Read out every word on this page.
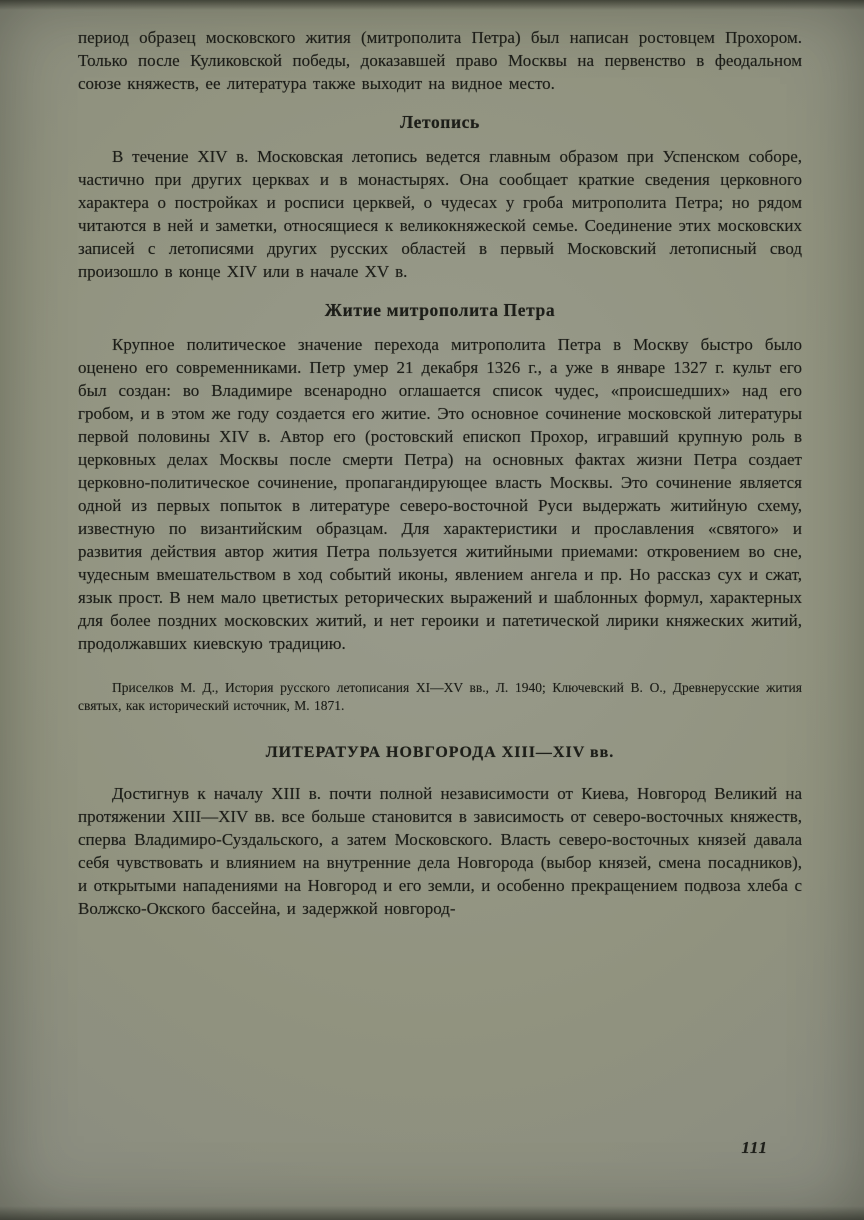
период образец московского жития (митрополита Петра) был написан ростовцем Прохором. Только после Куликовской победы, доказавшей право Москвы на первенство в феодальном союзе княжеств, ее литература также выходит на видное место.

Летопись

В течение XIV в. Московская летопись ведется главным образом при Успенском соборе, частично при других церквах и в монастырях. Она сообщает краткие сведения церковного характера о постройках и росписи церквей, о чудесах у гроба митрополита Петра; но рядом читаются в ней и заметки, относящиеся к великокняжеской семье. Соединение этих московских записей с летописями других русских областей в первый Московский летописный свод произошло в конце XIV или в начале XV в.

Житие митрополита Петра

Крупное политическое значение перехода митрополита Петра в Москву быстро было оценено его современниками. Петр умер 21 декабря 1326 г., а уже в январе 1327 г. культ его был создан: во Владимире всенародно оглашается список чудес, «происшедших» над его гробом, и в этом же году создается его житие. Это основное сочинение московской литературы первой половины XIV в. Автор его (ростовский епископ Прохор, игравший крупную роль в церковных делах Москвы после смерти Петра) на основных фактах жизни Петра создает церковно-политическое сочинение, пропагандирующее власть Москвы. Это сочинение является одной из первых попыток в литературе северо-восточной Руси выдержать житийную схему, известную по византийским образцам. Для характеристики и прославления «святого» и развития действия автор жития Петра пользуется житийными приемами: откровением во сне, чудесным вмешательством в ход событий иконы, явлением ангела и пр. Но рассказ сух и сжат, язык прост. В нем мало цветистых реторических выражений и шаблонных формул, характерных для более поздних московских житий, и нет героики и патетической лирики княжеских житий, продолжавших киевскую традицию.

Приселков М. Д., История русского летописания XI—XV вв., Л. 1940; Ключевский В. О., Древнерусские жития святых, как исторический источник, М. 1871.

ЛИТЕРАТУРА НОВГОРОДА XIII—XIV вв.

Достигнув к началу XIII в. почти полной независимости от Киева, Новгород Великий на протяжении XIII—XIV вв. все больше становится в зависимость от северо-восточных княжеств, сперва Владимиро-Суздальского, а затем Московского. Власть северо-восточных князей давала себя чувствовать и влиянием на внутренние дела Новгорода (выбор князей, смена посадников), и открытыми нападениями на Новгород и его земли, и особенно прекращением подвоза хлеба с Волжско-Окского бассейна, и задержкой новгород-

111
